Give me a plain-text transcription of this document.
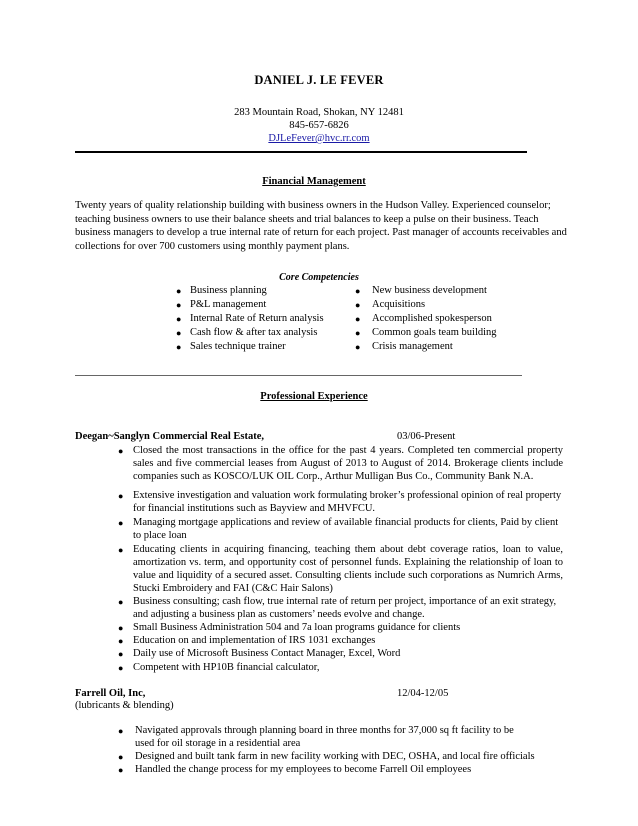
DANIEL J. LE FEVER
283 Mountain Road, Shokan, NY 12481
845-657-6826
DJLeFever@hvc.rr.com
Financial Management
Twenty years of quality relationship building with business owners in the Hudson Valley. Experienced counselor; teaching business owners to use their balance sheets and trial balances to keep a pulse on their business. Teach business managers to develop a true internal rate of return for each project. Past manager of accounts receivables and collections for over 700 customers using monthly payment plans.
Core Competencies
● Business planning
● P&L management
● Internal Rate of Return analysis
● Cash flow & after tax analysis
● Sales technique trainer
● New business development
● Acquisitions
● Accomplished spokesperson
● Common goals team building
● Crisis management
Professional Experience
Deegan~Sanglyn Commercial Real Estate,	03/06-Present
● Closed the most transactions in the office for the past 4 years. Completed ten commercial property sales and five commercial leases from August of 2013 to August of 2014. Brokerage clients include companies such as KOSCO/LUK OIL Corp., Arthur Mulligan Bus Co., Community Bank N.A.
● Extensive investigation and valuation work formulating broker’s professional opinion of real property for financial institutions such as Bayview and MHVFCU.
● Managing mortgage applications and review of available financial products for clients, Paid by client to place loan
● Educating clients in acquiring financing, teaching them about debt coverage ratios, loan to value, amortization vs. term, and opportunity cost of personnel funds. Explaining the relationship of loan to value and liquidity of a secured asset. Consulting clients include such corporations as Numrich Arms, Stucki Embroidery and FAI (C&C Hair Salons)
● Business consulting; cash flow, true internal rate of return per project, importance of an exit strategy, and adjusting a business plan as customers’ needs evolve and change.
● Small Business Administration 504 and 7a loan programs guidance for clients
● Education on and implementation of IRS 1031 exchanges
● Daily use of Microsoft Business Contact Manager, Excel, Word
● Competent with HP10B financial calculator,
Farrell Oil, Inc,	12/04-12/05
(lubricants & blending)
● Navigated approvals through planning board in three months for 37,000 sq ft facility to be used for oil storage in a residential area
● Designed and built tank farm in new facility working with DEC, OSHA, and local fire officials
● Handled the change process for my employees to become Farrell Oil employees
